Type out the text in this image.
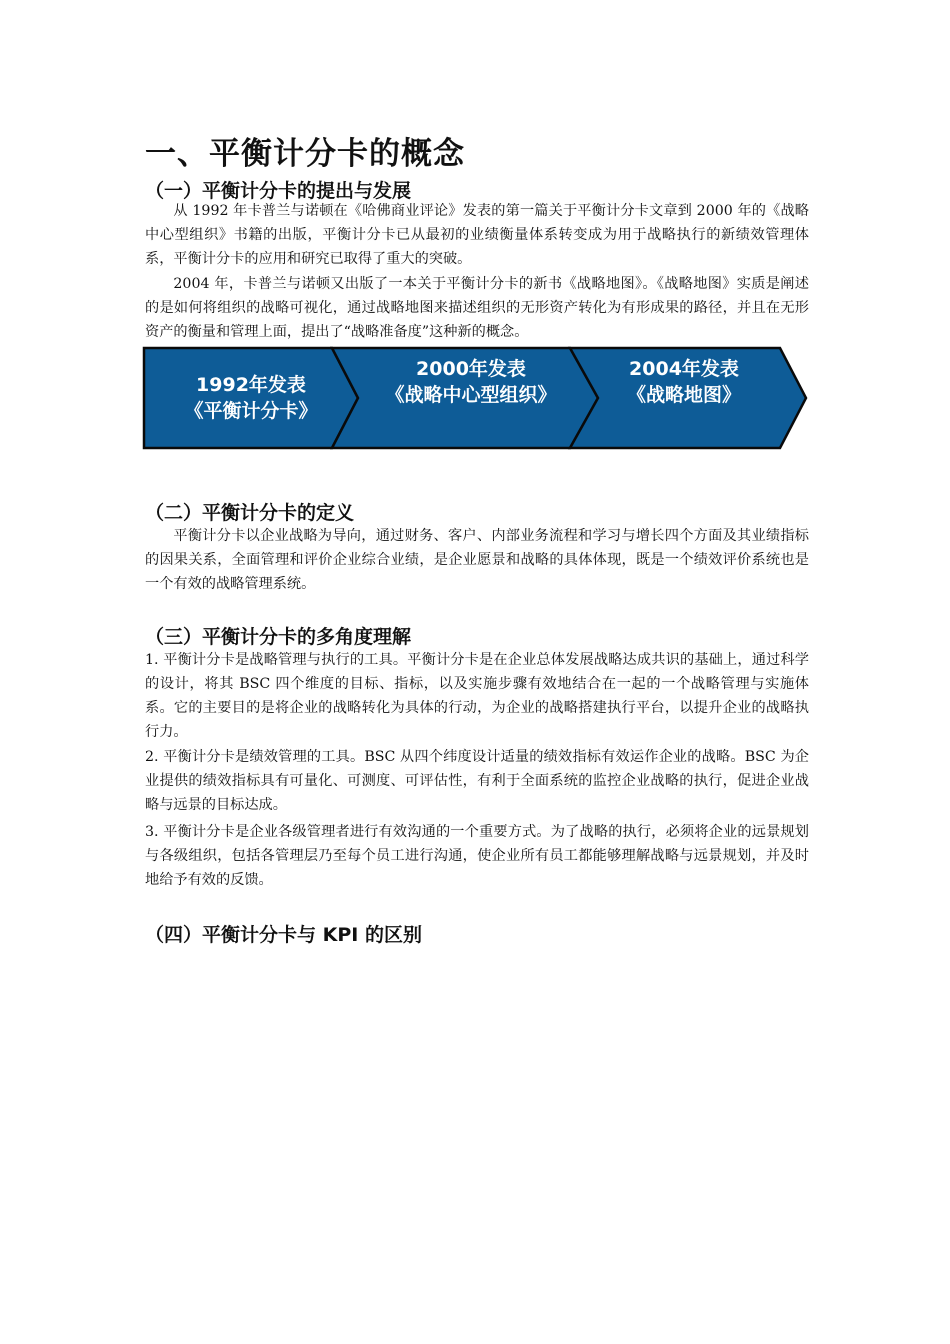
一、平衡计分卡的概念
（一）平衡计分卡的提出与发展

从 1992 年卡普兰与诺顿在《哈佛商业评论》发表的第一篇关于平衡计分卡文章到 2000 年的《战略中心型组织》书籍的出版，平衡计分卡已从最初的业绩衡量体系转变成为用于战略执行的新绩效管理体系，平衡计分卡的应用和研究已取得了重大的突破。

2004 年，卡普兰与诺顿又出版了一本关于平衡计分卡的新书《战略地图》。《战略地图》实质是阐述的是如何将组织的战略可视化，通过战略地图来描述组织的无形资产转化为有形成果的路径，并且在无形资产的衡量和管理上面，提出了“战略准备度”这种新的概念。

1992年发表
《平衡计分卡》
2000年发表
《战略中心型组织》
2004年发表
《战略地图》
（二）平衡计分卡的定义

平衡计分卡以企业战略为导向，通过财务、客户、内部业务流程和学习与增长四个方面及其业绩指标的因果关系，全面管理和评价企业综合业绩，是企业愿景和战略的具体体现，既是一个绩效评价系统也是一个有效的战略管理系统。

（三）平衡计分卡的多角度理解

1. 平衡计分卡是战略管理与执行的工具。平衡计分卡是在企业总体发展战略达成共识的基础上，通过科学的设计，将其 BSC 四个维度的目标、指标，以及实施步骤有效地结合在一起的一个战略管理与实施体系。它的主要目的是将企业的战略转化为具体的行动，为企业的战略搭建执行平台，以提升企业的战略执行力。

2. 平衡计分卡是绩效管理的工具。BSC 从四个纬度设计适量的绩效指标有效运作企业的战略。BSC 为企业提供的绩效指标具有可量化、可测度、可评估性，有利于全面系统的监控企业战略的执行，促进企业战略与远景的目标达成。

3. 平衡计分卡是企业各级管理者进行有效沟通的一个重要方式。为了战略的执行，必须将企业的远景规划与各级组织，包括各管理层乃至每个员工进行沟通，使企业所有员工都能够理解战略与远景规划，并及时地给予有效的反馈。

（四）平衡计分卡与 KPI 的区别
